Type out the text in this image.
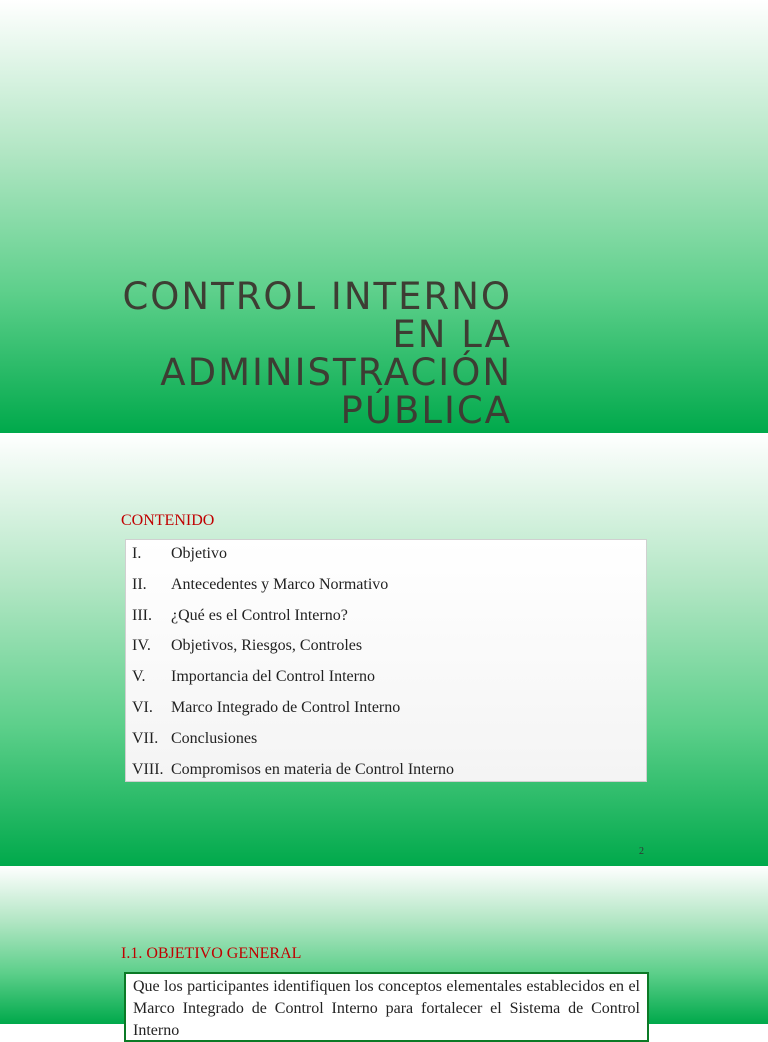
CONTROL INTERNO
EN LA
ADMINISTRACIÓN
PÚBLICA
CONTENIDO
I.	Objetivo
II.	Antecedentes y Marco Normativo
III.	¿Qué es el Control Interno?
IV.	Objetivos, Riesgos, Controles
V.	Importancia del Control Interno
VI.	Marco Integrado de Control Interno
VII. Conclusiones
VIII. Compromisos en materia de Control Interno
2
I.1. OBJETIVO GENERAL
Que los participantes identifiquen los conceptos elementales establecidos en el Marco Integrado de Control Interno para fortalecer el Sistema de Control Interno
